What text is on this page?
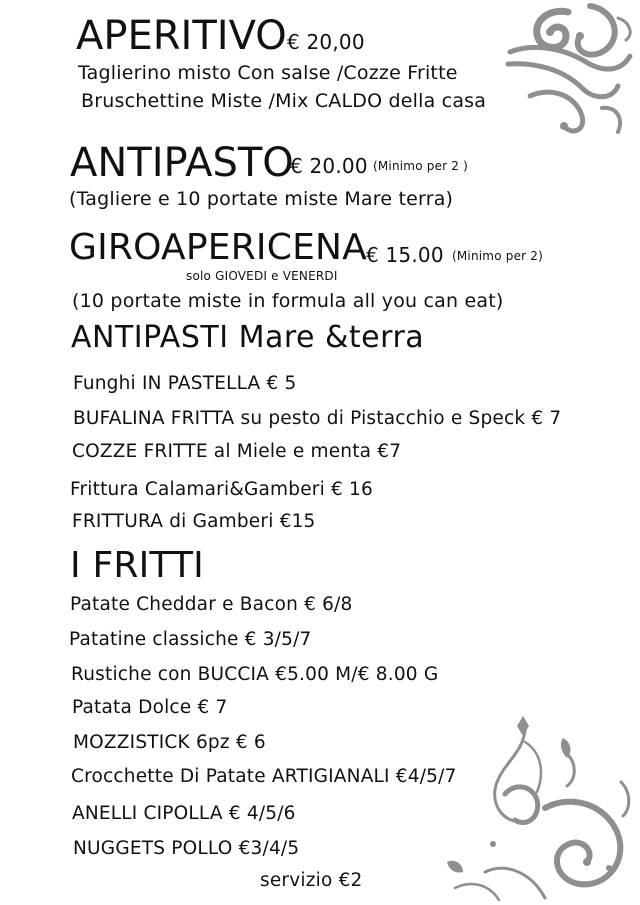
APERITIVO € 20,00
Taglierino misto Con salse /Cozze Fritte
Bruschettine Miste /Mix CALDO della casa
ANTIPASTO
€ 20.00 (Minimo per 2 )
(Tagliere e 10 portate miste Mare terra)
GIROAPERICENA € 15.00 (Minimo per 2)
solo GIOVEDI e VENERDI
(10 portate miste in formula all you can eat)
ANTIPASTI Mare &terra
Funghi IN PASTELLA € 5
BUFALINA FRITTA su pesto di Pistacchio e Speck € 7
COZZE FRITTE al Miele e menta €7
Frittura Calamari&Gamberi € 16
FRITTURA di Gamberi €15
I FRITTI
Patate Cheddar e Bacon € 6/8
Patatine classiche € 3/5/7
Rustiche con BUCCIA €5.00 M/€ 8.00 G
Patata Dolce € 7
MOZZISTICK 6pz € 6
Crocchette Di Patate ARTIGIANALI €4/5/7
ANELLI CIPOLLA € 4/5/6
NUGGETS POLLO €3/4/5
servizio €2
